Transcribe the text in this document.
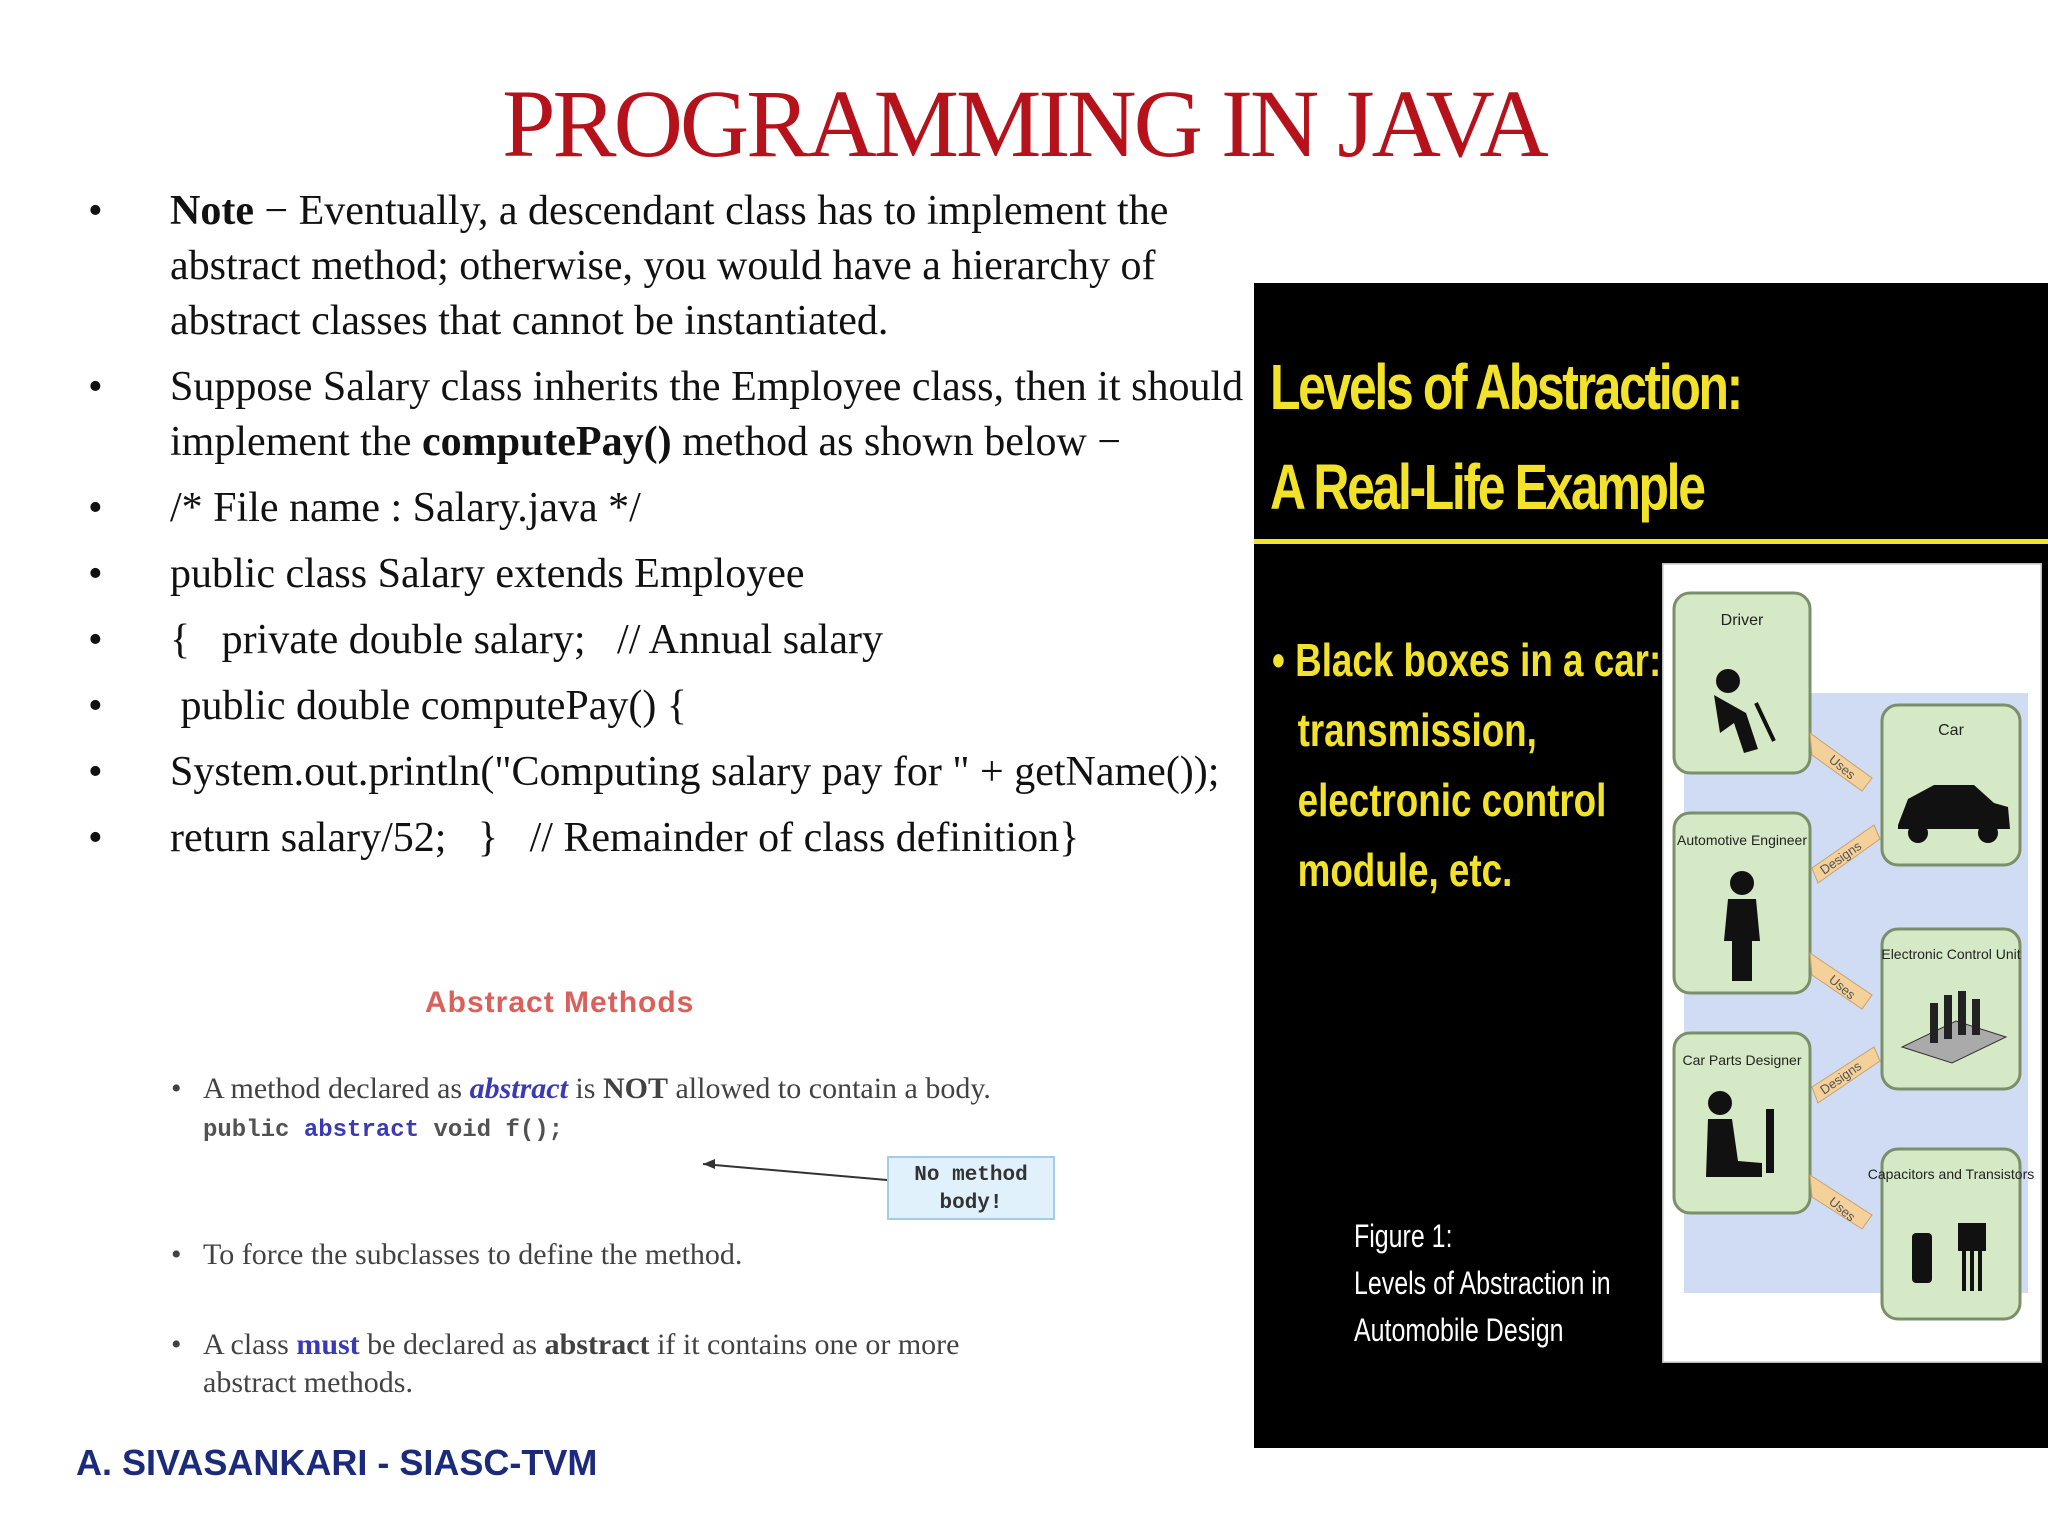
PROGRAMMING IN JAVA
•	Note − Eventually, a descendant class has to implement the abstract method; otherwise, you would have a hierarchy of abstract classes that cannot be instantiated.
•	Suppose Salary class inherits the Employee class, then it should implement the computePay() method as shown below −
•	/* File name : Salary.java */
•	public class Salary extends Employee
•	{   private double salary;   // Annual salary
•	public double computePay() {
•	System.out.println("Computing salary pay for " + getName());
•	return salary/52;   }   // Remainder of class definition}
Abstract Methods
• A method declared as abstract is NOT allowed to contain a body.
public abstract void f();
No method body!
• To force the subclasses to define the method.
• A class must be declared as abstract if it contains one or more abstract methods.
Levels of Abstraction:
A Real-Life Example
• Black boxes in a car:
transmission,
electronic control
module, etc.
Figure 1:
Levels of Abstraction in
Automobile Design
Driver
Automotive Engineer
Car Parts Designer
Car
Electronic Control Unit
Capacitors and Transistors
Uses
Designs
Uses
Designs
Uses
A. SIVASANKARI - SIASC-TVM
